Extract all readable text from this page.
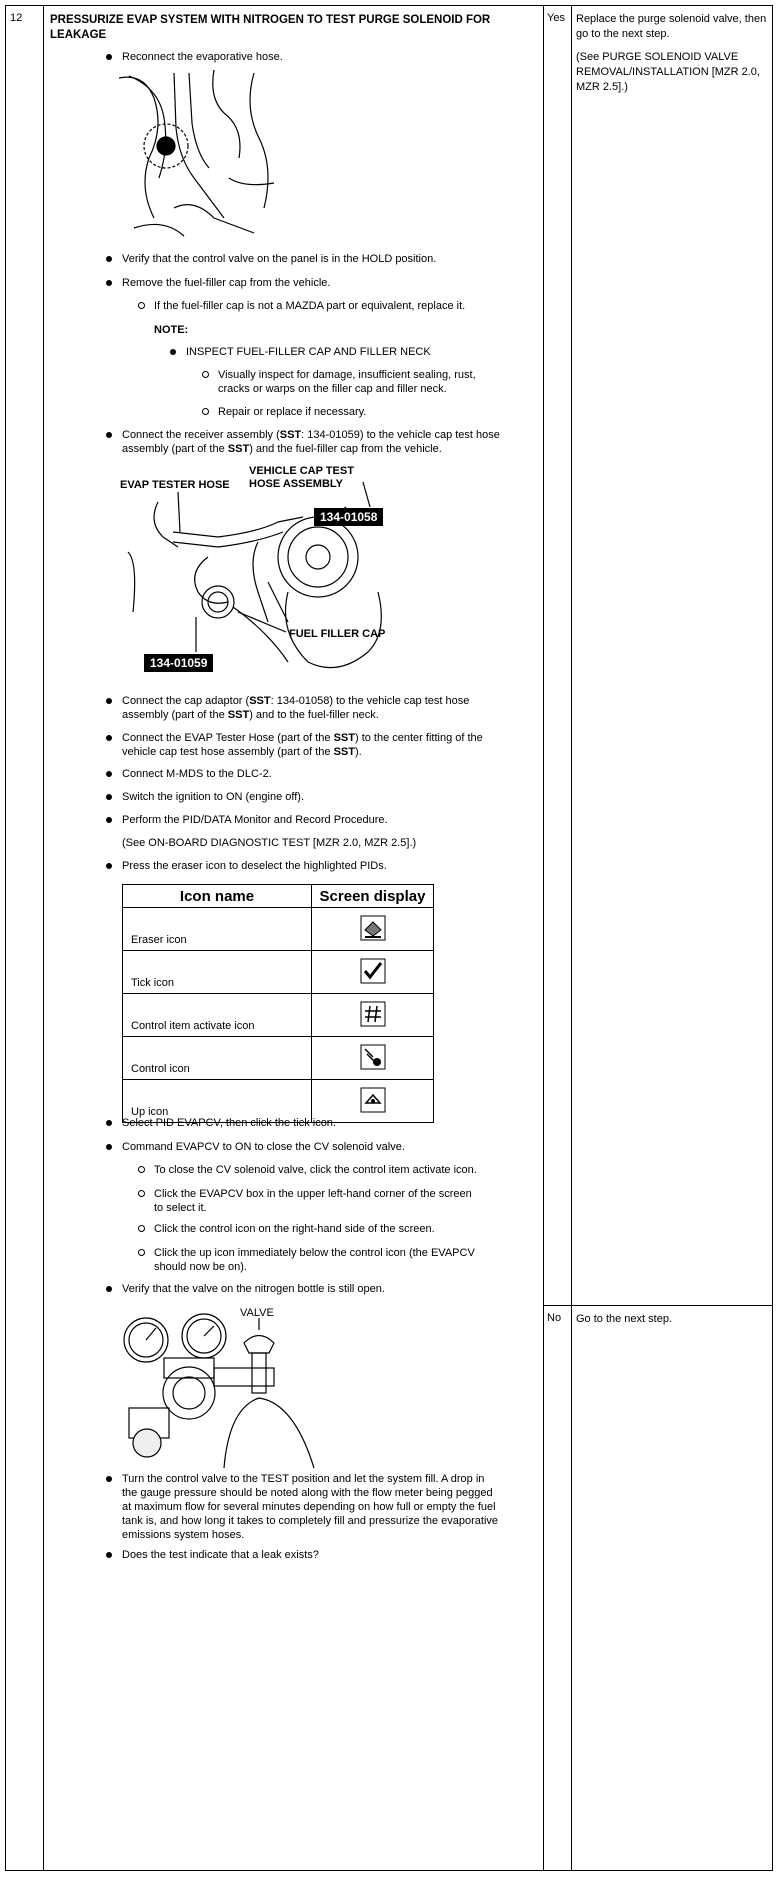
12	PRESSURIZE EVAP SYSTEM WITH NITROGEN TO TEST PURGE SOLENOID FOR LEAKAGE
Reconnect the evaporative hose.
Verify that the control valve on the panel is in the HOLD position.
Remove the fuel-filler cap from the vehicle.
If the fuel-filler cap is not a MAZDA part or equivalent, replace it.
NOTE:
INSPECT FUEL-FILLER CAP AND FILLER NECK
Visually inspect for damage, insufficient sealing, rust, cracks or warps on the filler cap and filler neck.
Repair or replace if necessary.
Connect the receiver assembly (SST: 134-01059) to the vehicle cap test hose assembly (part of the SST) and the fuel-filler cap from the vehicle.
EVAP TESTER HOSE
VEHICLE CAP TEST HOSE ASSEMBLY
134-01058
FUEL FILLER CAP
134-01059
Connect the cap adaptor (SST: 134-01058) to the vehicle cap test hose assembly (part of the SST) and to the fuel-filler neck.
Connect the EVAP Tester Hose (part of the SST) to the center fitting of the vehicle cap test hose assembly (part of the SST).
Connect M-MDS to the DLC-2.
Switch the ignition to ON (engine off).
Perform the PID/DATA Monitor and Record Procedure.
(See ON-BOARD DIAGNOSTIC TEST [MZR 2.0, MZR 2.5].)
Press the eraser icon to deselect the highlighted PIDs.
Icon name	Screen display
Eraser icon	
Tick icon	
Control item activate icon	
Control icon	
Up icon	
Select PID EVAPCV, then click the tick icon.
Command EVAPCV to ON to close the CV solenoid valve.
To close the CV solenoid valve, click the control item activate icon.
Click the EVAPCV box in the upper left-hand corner of the screen to select it.
Click the control icon on the right-hand side of the screen.
Click the up icon immediately below the control icon (the EVAPCV should now be on).
Verify that the valve on the nitrogen bottle is still open.
VALVE
Turn the control valve to the TEST position and let the system fill. A drop in the gauge pressure should be noted along with the flow meter being pegged at maximum flow for several minutes depending on how full or empty the fuel tank is, and how long it takes to completely fill and pressurize the evaporative emissions system hoses.
Does the test indicate that a leak exists?
	Yes	Replace the purge solenoid valve, then go to the next step.

(See PURGE SOLENOID VALVE REMOVAL/INSTALLATION [MZR 2.0, MZR 2.5].)

No	Go to the next step.
